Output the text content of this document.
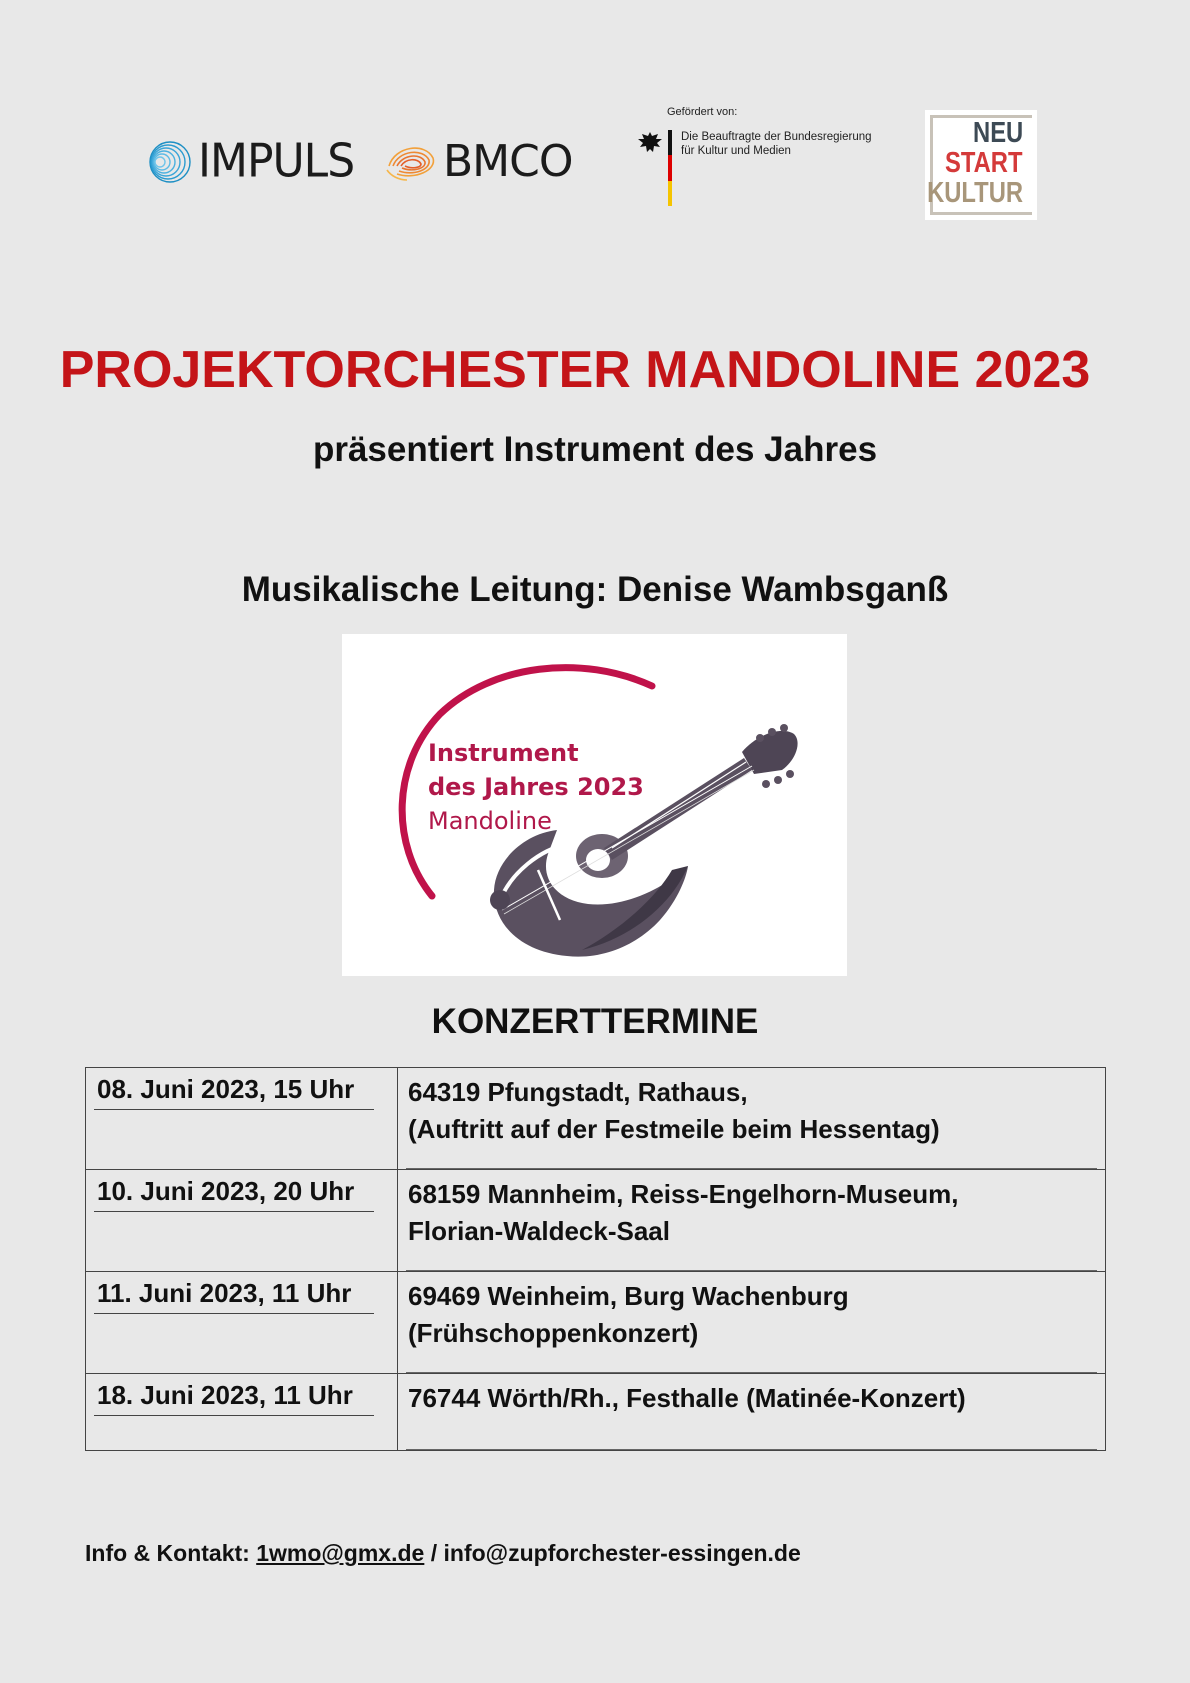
IMPULS BMCO
Gefördert von:
Die Beauftragte der Bundesregierung
für Kultur und Medien
NEU
START
KULTUR
PROJEKTORCHESTER MANDOLINE 2023
präsentiert Instrument des Jahres
Musikalische Leitung: Denise Wambsganß
Instrument
des Jahres 2023
Mandoline
KONZERTTERMINE
08. Juni 2023, 15 Uhr	64319 Pfungstadt, Rathaus,
(Auftritt auf der Festmeile beim Hessentag)

10. Juni 2023, 20 Uhr	68159 Mannheim, Reiss-Engelhorn-Museum,
Florian-Waldeck-Saal

11. Juni 2023, 11 Uhr	69469 Weinheim, Burg Wachenburg
(Frühschoppenkonzert)

18. Juni 2023, 11 Uhr	76744 Wörth/Rh., Festhalle (Matinée-Konzert)
Info & Kontakt: 1wmo@gmx.de / info@zupforchester-essingen.de
